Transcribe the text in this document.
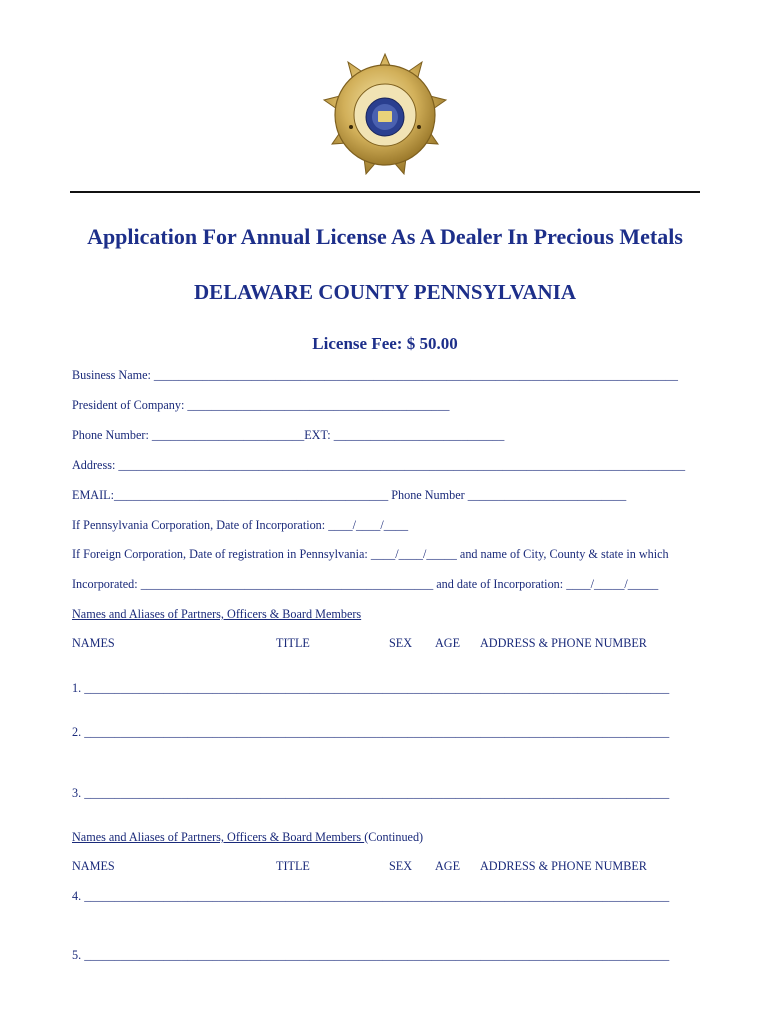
Application For Annual License As A Dealer In Precious Metals
DELAWARE COUNTY PENNSYLVANIA
License Fee: $ 50.00
Business Name: ______________________________________________________________________________________
President of Company: ___________________________________________
Phone Number: _________________________EXT: ____________________________
Address: _____________________________________________________________________________________________
EMAIL:_____________________________________________ Phone Number __________________________
If Pennsylvania Corporation, Date of Incorporation: ____/____/____
If Foreign Corporation, Date of registration in Pennsylvania: ____/____/_____ and name of City, County & state in which
Incorporated: ________________________________________________ and date of Incorporation: ____/_____/_____
Names and Aliases of Partners, Officers & Board Members
NAMES	TITLE	SEX AGE ADDRESS & PHONE NUMBER
1. ________________________________________________________________________________________________
2. ________________________________________________________________________________________________
3. ________________________________________________________________________________________________
Names and Aliases of Partners, Officers & Board Members (Continued)
NAMES	TITLE	SEX AGE ADDRESS & PHONE NUMBER
4. ________________________________________________________________________________________________
5. ________________________________________________________________________________________________
